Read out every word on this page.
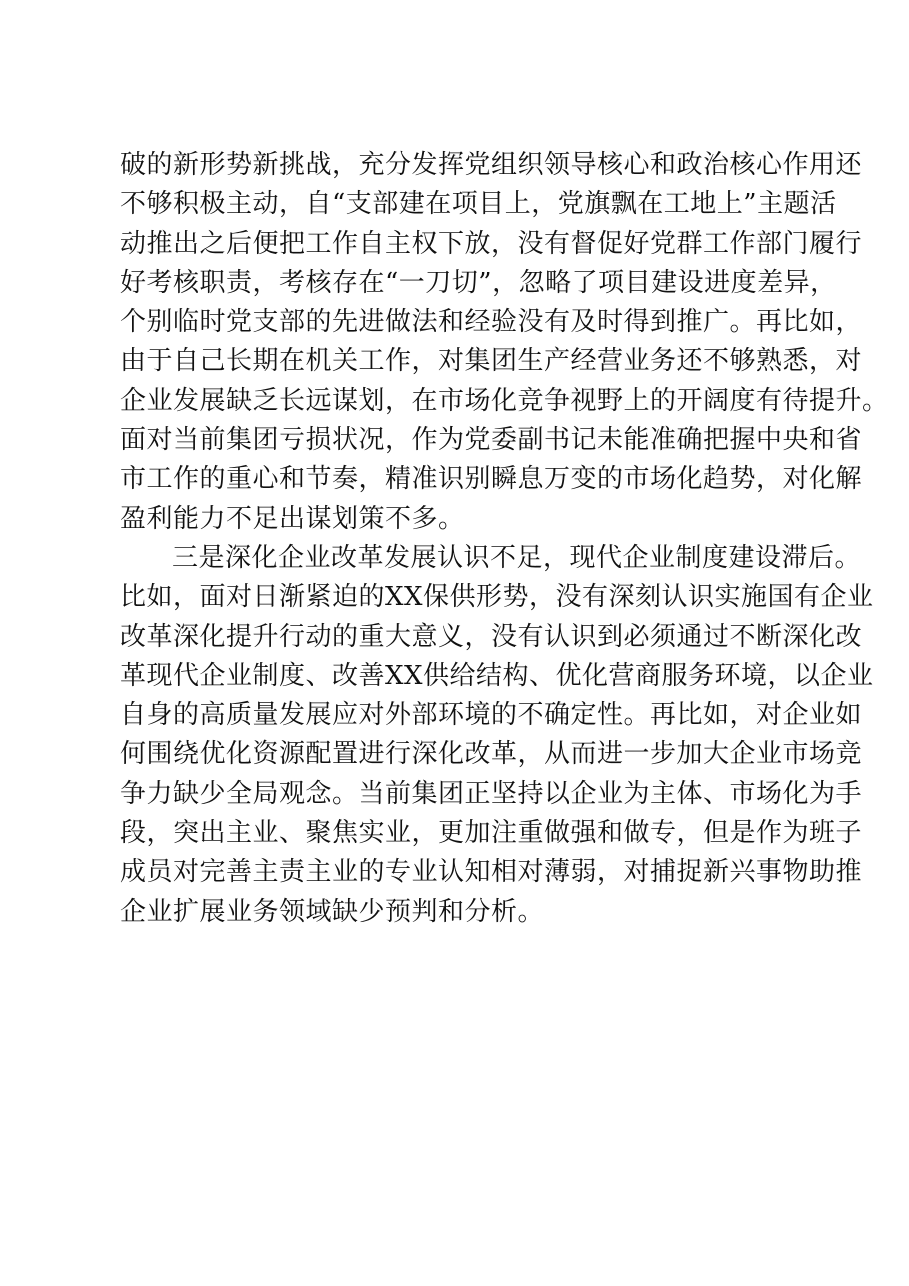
破的新形势新挑战，充分发挥党组织领导核心和政治核心作用还
不够积极主动，自“支部建在项目上，党旗飘在工地上”主题活
动推出之后便把工作自主权下放，没有督促好党群工作部门履行
好考核职责，考核存在“一刀切”，忽略了项目建设进度差异，
个别临时党支部的先进做法和经验没有及时得到推广。再比如，
由于自己长期在机关工作，对集团生产经营业务还不够熟悉，对
企业发展缺乏长远谋划，在市场化竞争视野上的开阔度有待提升。
面对当前集团亏损状况，作为党委副书记未能准确把握中央和省
市工作的重心和节奏，精准识别瞬息万变的市场化趋势，对化解
盈利能力不足出谋划策不多。
三是深化企业改革发展认识不足，现代企业制度建设滞后。
比如，面对日渐紧迫的XX保供形势，没有深刻认识实施国有企业
改革深化提升行动的重大意义，没有认识到必须通过不断深化改
革现代企业制度、改善XX供给结构、优化营商服务环境，以企业
自身的高质量发展应对外部环境的不确定性。再比如，对企业如
何围绕优化资源配置进行深化改革，从而进一步加大企业市场竞
争力缺少全局观念。当前集团正坚持以企业为主体、市场化为手
段，突出主业、聚焦实业，更加注重做强和做专，但是作为班子
成员对完善主责主业的专业认知相对薄弱，对捕捉新兴事物助推
企业扩展业务领域缺少预判和分析。
